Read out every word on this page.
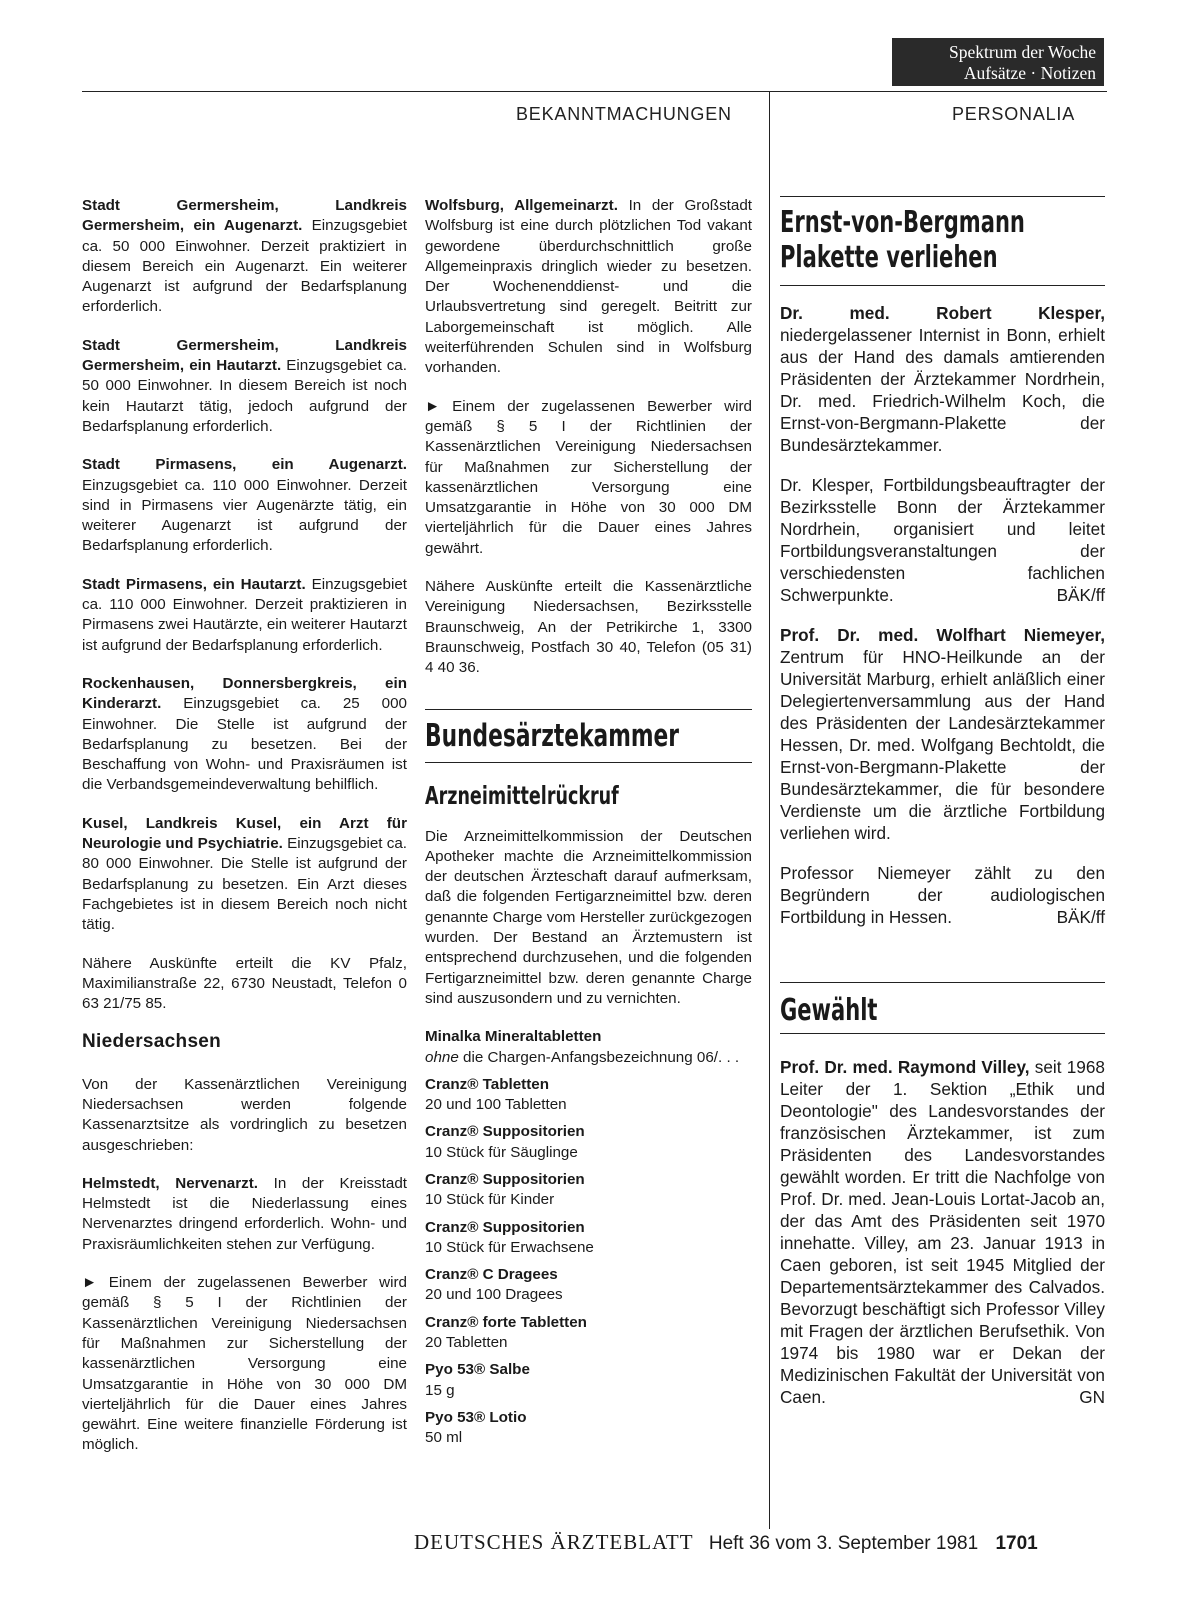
Spektrum der Woche
Aufsätze · Notizen
BEKANNTMACHUNGEN	PERSONALIA

Stadt Germersheim, Landkreis Germersheim, ein Augenarzt. Einzugsgebiet ca. 50 000 Einwohner. Derzeit praktiziert in diesem Bereich ein Augenarzt. Ein weiterer Augenarzt ist aufgrund der Bedarfsplanung erforderlich.

Stadt Germersheim, Landkreis Germersheim, ein Hautarzt. Einzugsgebiet ca. 50 000 Einwohner. In diesem Bereich ist noch kein Hautarzt tätig, jedoch aufgrund der Bedarfsplanung erforderlich.

Stadt Pirmasens, ein Augenarzt. Einzugsgebiet ca. 110 000 Einwohner. Derzeit sind in Pirmasens vier Augenärzte tätig, ein weiterer Augenarzt ist aufgrund der Bedarfsplanung erforderlich.

Stadt Pirmasens, ein Hautarzt. Einzugsgebiet ca. 110 000 Einwohner. Derzeit praktizieren in Pirmasens zwei Hautärzte, ein weiterer Hautarzt ist aufgrund der Bedarfsplanung erforderlich.

Rockenhausen, Donnersbergkreis, ein Kinderarzt. Einzugsgebiet ca. 25 000 Einwohner. Die Stelle ist aufgrund der Bedarfsplanung zu besetzen. Bei der Beschaffung von Wohn- und Praxisräumen ist die Verbandsgemeindeverwaltung behilflich.

Kusel, Landkreis Kusel, ein Arzt für Neurologie und Psychiatrie. Einzugsgebiet ca. 80 000 Einwohner. Die Stelle ist aufgrund der Bedarfsplanung zu besetzen. Ein Arzt dieses Fachgebietes ist in diesem Bereich noch nicht tätig.

Nähere Auskünfte erteilt die KV Pfalz, Maximilianstraße 22, 6730 Neustadt, Telefon 0 63 21/75 85.

Niedersachsen

Von der Kassenärztlichen Vereinigung Niedersachsen werden folgende Kassenarztsitze als vordringlich zu besetzen ausgeschrieben:

Helmstedt, Nervenarzt. In der Kreisstadt Helmstedt ist die Niederlassung eines Nervenarztes dringend erforderlich. Wohn- und Praxisräumlichkeiten stehen zur Verfügung.

► Einem der zugelassenen Bewerber wird gemäß § 5 I der Richtlinien der Kassenärztlichen Vereinigung Niedersachsen für Maßnahmen zur Sicherstellung der kassenärztlichen Versorgung eine Umsatzgarantie in Höhe von 30 000 DM vierteljährlich für die Dauer eines Jahres gewährt. Eine weitere finanzielle Förderung ist möglich.

Wolfsburg, Allgemeinarzt. In der Großstadt Wolfsburg ist eine durch plötzlichen Tod vakant gewordene überdurchschnittlich große Allgemeinpraxis dringlich wieder zu besetzen. Der Wochenenddienst- und die Urlaubsvertretung sind geregelt. Beitritt zur Laborgemeinschaft ist möglich. Alle weiterführenden Schulen sind in Wolfsburg vorhanden.

► Einem der zugelassenen Bewerber wird gemäß § 5 I der Richtlinien der Kassenärztlichen Vereinigung Niedersachsen für Maßnahmen zur Sicherstellung der kassenärztlichen Versorgung eine Umsatzgarantie in Höhe von 30 000 DM vierteljährlich für die Dauer eines Jahres gewährt.

Nähere Auskünfte erteilt die Kassenärztliche Vereinigung Niedersachsen, Bezirksstelle Braunschweig, An der Petrikirche 1, 3300 Braunschweig, Postfach 30 40, Telefon (05 31) 4 40 36.

Bundesärztekammer
Arzneimittelrückruf

Die Arzneimittelkommission der Deutschen Apotheker machte die Arzneimittelkommission der deutschen Ärzteschaft darauf aufmerksam, daß die folgenden Fertigarzneimittel bzw. deren genannte Charge vom Hersteller zurückgezogen wurden. Der Bestand an Ärztemustern ist entsprechend durchzusehen, und die folgenden Fertigarzneimittel bzw. deren genannte Charge sind auszusondern und zu vernichten.

Minalka Mineraltabletten

ohne die Chargen-Anfangsbezeichnung 06/. . .

Cranz® Tabletten

20 und 100 Tabletten

Cranz® Suppositorien

10 Stück für Säuglinge

Cranz® Suppositorien

10 Stück für Kinder

Cranz® Suppositorien

10 Stück für Erwachsene

Cranz® C Dragees

20 und 100 Dragees

Cranz® forte Tabletten

20 Tabletten

Pyo 53® Salbe

15 g

Pyo 53® Lotio

50 ml

Ernst-von-Bergmann
Plakette verliehen

Dr. med. Robert Klesper, niedergelassener Internist in Bonn, erhielt aus der Hand des damals amtierenden Präsidenten der Ärztekammer Nordrhein, Dr. med. Friedrich-Wilhelm Koch, die Ernst-von-Bergmann-Plakette der Bundesärztekammer.

Dr. Klesper, Fortbildungsbeauftragter der Bezirksstelle Bonn der Ärztekammer Nordrhein, organisiert und leitet Fortbildungsveranstaltungen der verschiedensten fachlichen Schwerpunkte.	BÄK/ff

Prof. Dr. med. Wolfhart Niemeyer, Zentrum für HNO-Heilkunde an der Universität Marburg, erhielt anläßlich einer Delegiertenversammlung aus der Hand des Präsidenten der Landesärztekammer Hessen, Dr. med. Wolfgang Bechtoldt, die Ernst-von-Bergmann-Plakette der Bundesärztekammer, die für besondere Verdienste um die ärztliche Fortbildung verliehen wird.

Professor Niemeyer zählt zu den Begründern der audiologischen Fortbildung in Hessen.	BÄK/ff

Gewählt

Prof. Dr. med. Raymond Villey, seit 1968 Leiter der 1. Sektion „Ethik und Deontologie" des Landesvorstandes der französischen Ärztekammer, ist zum Präsidenten des Landesvorstandes gewählt worden. Er tritt die Nachfolge von Prof. Dr. med. Jean-Louis Lortat-Jacob an, der das Amt des Präsidenten seit 1970 innehatte. Villey, am 23. Januar 1913 in Caen geboren, ist seit 1945 Mitglied der Departementsärztekammer des Calvados. Bevorzugt beschäftigt sich Professor Villey mit Fragen der ärztlichen Berufsethik. Von 1974 bis 1980 war er Dekan der Medizinischen Fakultät der Universität von Caen.	GN

DEUTSCHES ÄRZTEBLATT Heft 36 vom 3. September 1981 1701
